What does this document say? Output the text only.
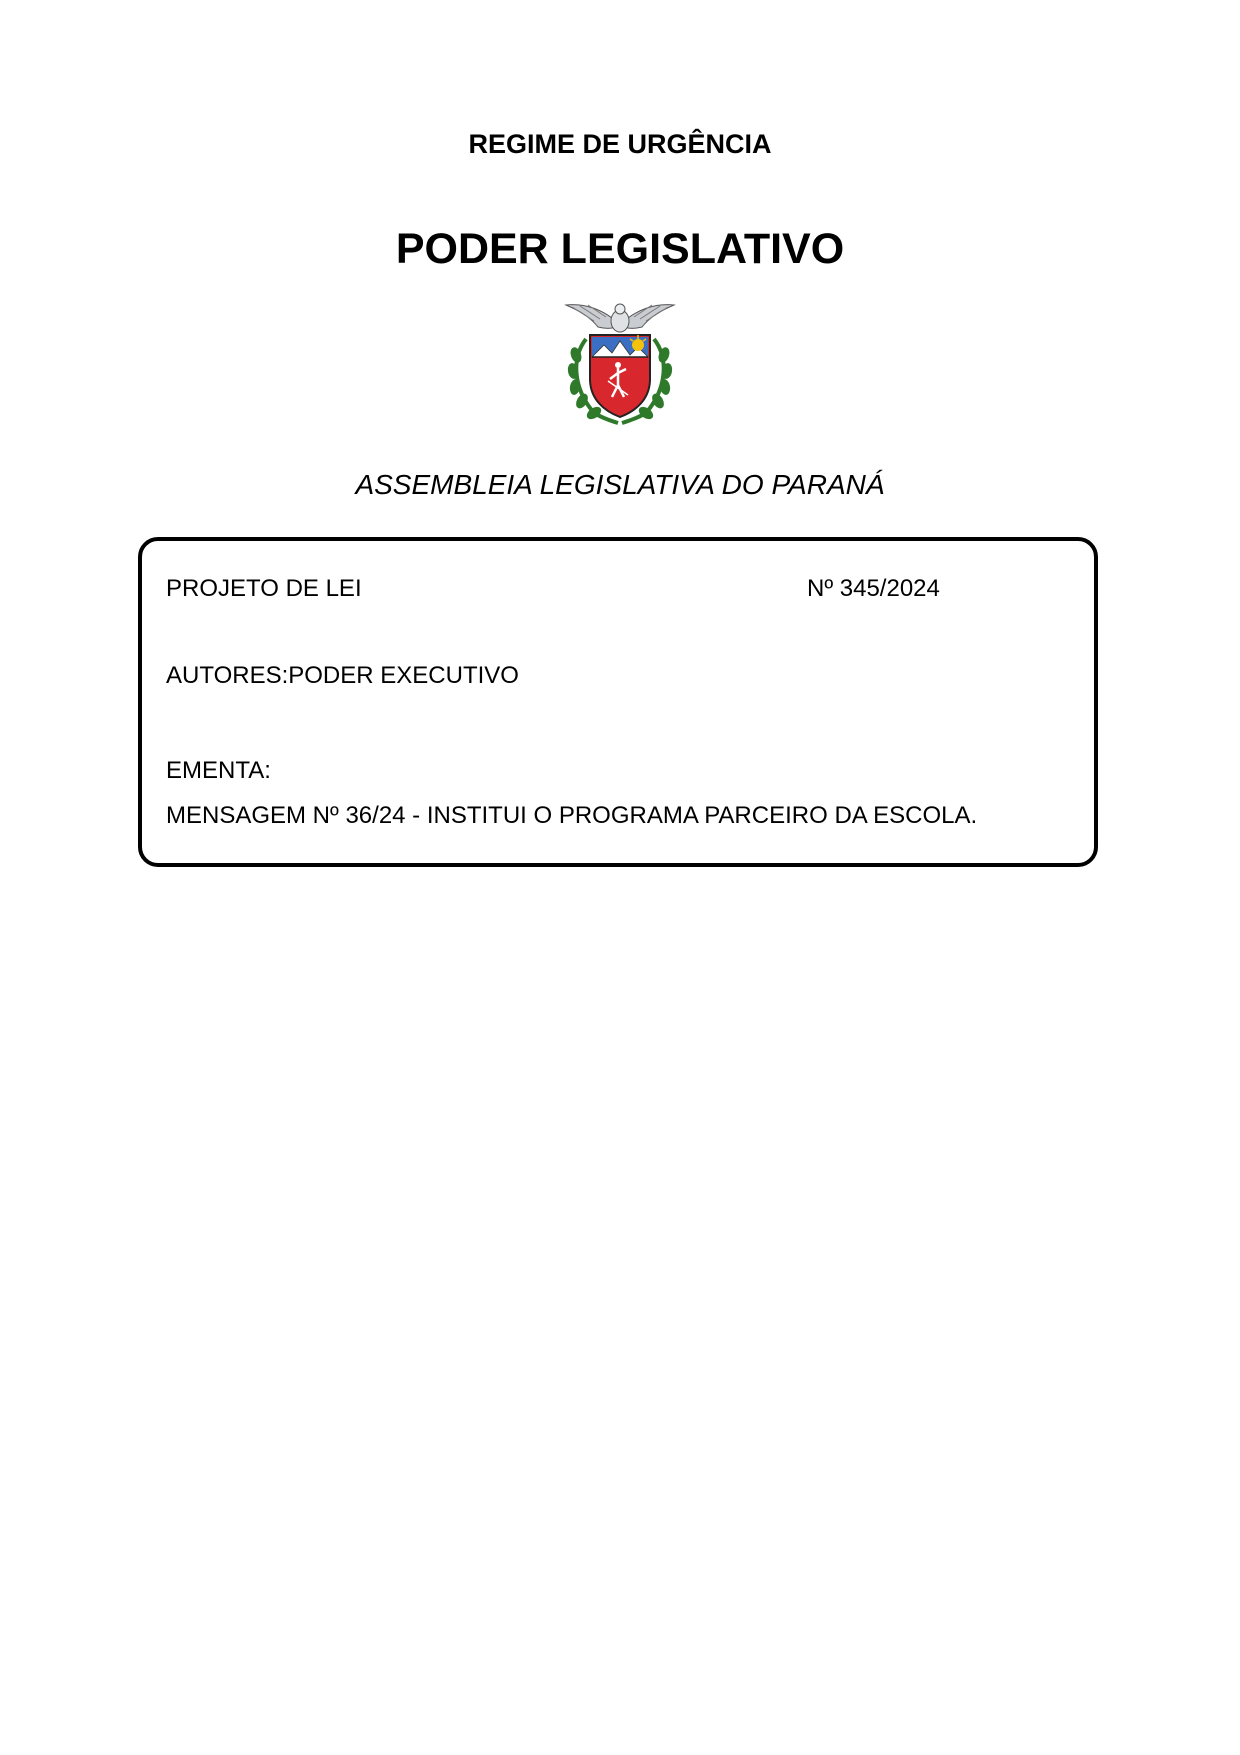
REGIME DE URGÊNCIA
PODER LEGISLATIVO
ASSEMBLEIA LEGISLATIVA DO PARANÁ
PROJETO DE LEI	Nº 345/2024
AUTORES:PODER EXECUTIVO
EMENTA:
MENSAGEM Nº 36/24 - INSTITUI O PROGRAMA PARCEIRO DA ESCOLA.
